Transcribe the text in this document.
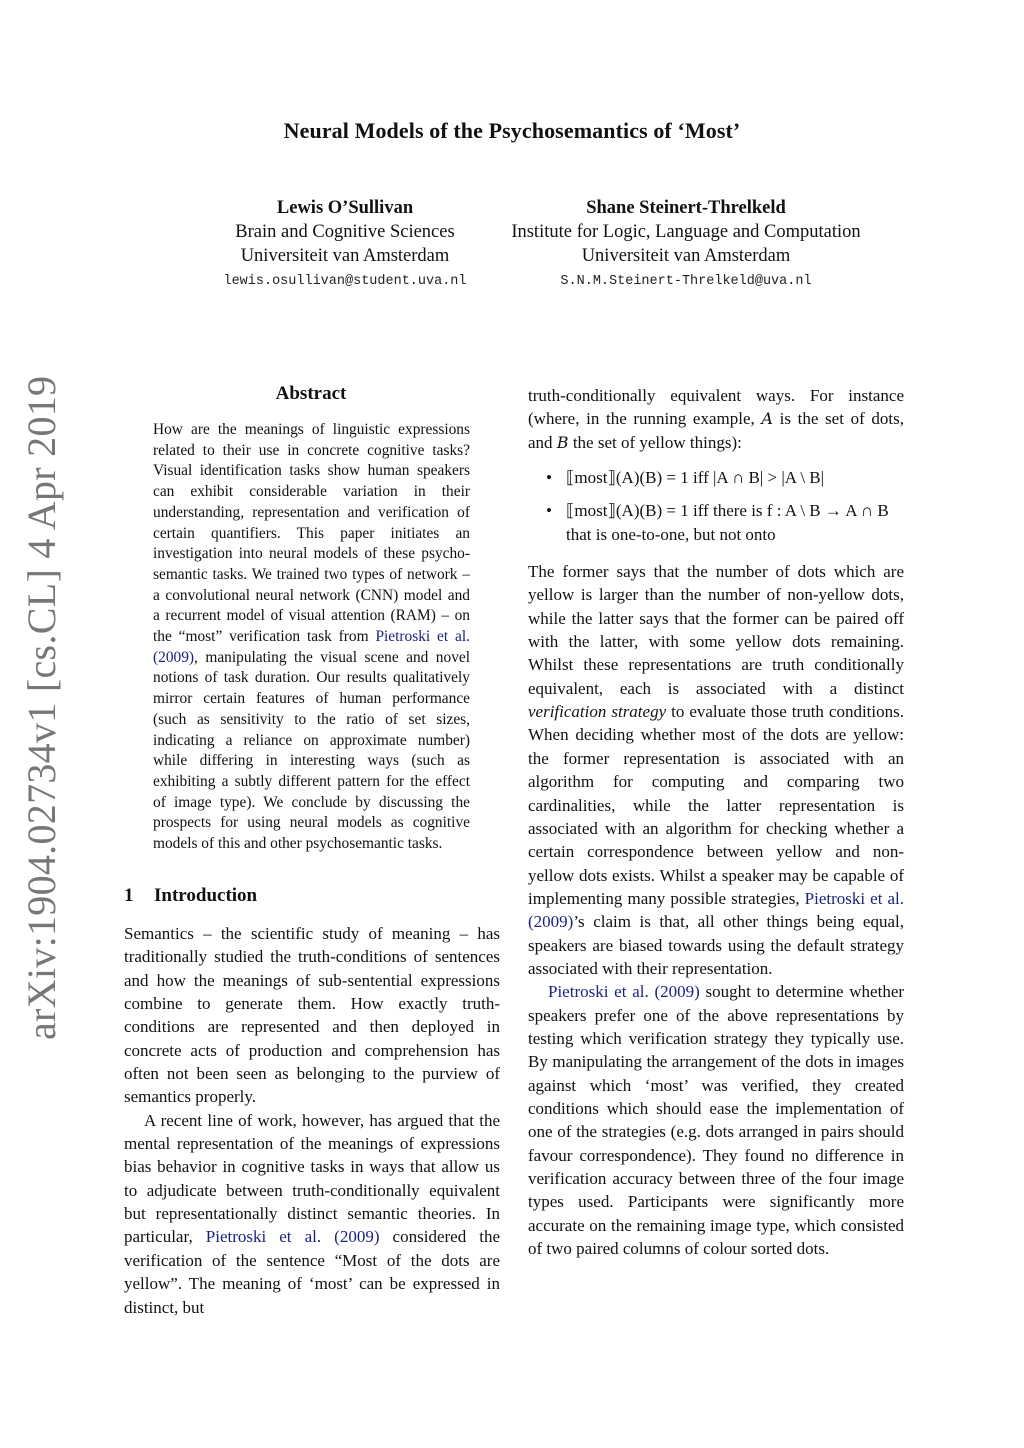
arXiv:1904.02734v1 [cs.CL] 4 Apr 2019
Neural Models of the Psychosemantics of ‘Most’
Lewis O’Sullivan
Brain and Cognitive Sciences
Universiteit van Amsterdam
lewis.osullivan@student.uva.nl
Shane Steinert-Threlkeld
Institute for Logic, Language and Computation
Universiteit van Amsterdam
S.N.M.Steinert-Threlkeld@uva.nl
Abstract
How are the meanings of linguistic expressions related to their use in concrete cognitive tasks? Visual identification tasks show human speakers can exhibit considerable variation in their understanding, representation and verification of certain quantifiers. This paper initiates an investigation into neural models of these psycho-semantic tasks. We trained two types of network – a convolutional neural network (CNN) model and a recurrent model of visual attention (RAM) – on the “most” verification task from Pietroski et al. (2009), manipulating the visual scene and novel notions of task duration. Our results qualitatively mirror certain features of human performance (such as sensitivity to the ratio of set sizes, indicating a reliance on approximate number) while differing in interesting ways (such as exhibiting a subtly different pattern for the effect of image type). We conclude by discussing the prospects for using neural models as cognitive models of this and other psychosemantic tasks.
1 Introduction

Semantics – the scientific study of meaning – has traditionally studied the truth-conditions of sentences and how the meanings of sub-sentential expressions combine to generate them. How exactly truth-conditions are represented and then deployed in concrete acts of production and comprehension has often not been seen as belonging to the purview of semantics properly.

A recent line of work, however, has argued that the mental representation of the meanings of expressions bias behavior in cognitive tasks in ways that allow us to adjudicate between truth-conditionally equivalent but representationally distinct semantic theories. In particular, Pietroski et al. (2009) considered the verification of the sentence “Most of the dots are yellow”. The meaning of ‘most’ can be expressed in distinct, but

truth-conditionally equivalent ways. For instance (where, in the running example, A is the set of dots, and B the set of yellow things):

• ⟦most⟧(A)(B) = 1 iff |A ∩ B| > |A \ B|
• ⟦most⟧(A)(B) = 1 iff there is f : A \ B → A ∩ B that is one-to-one, but not onto

The former says that the number of dots which are yellow is larger than the number of non-yellow dots, while the latter says that the former can be paired off with the latter, with some yellow dots remaining. Whilst these representations are truth conditionally equivalent, each is associated with a distinct verification strategy to evaluate those truth conditions. When deciding whether most of the dots are yellow: the former representation is associated with an algorithm for computing and comparing two cardinalities, while the latter representation is associated with an algorithm for checking whether a certain correspondence between yellow and non-yellow dots exists. Whilst a speaker may be capable of implementing many possible strategies, Pietroski et al. (2009)’s claim is that, all other things being equal, speakers are biased towards using the default strategy associated with their representation.

Pietroski et al. (2009) sought to determine whether speakers prefer one of the above representations by testing which verification strategy they typically use. By manipulating the arrangement of the dots in images against which ‘most’ was verified, they created conditions which should ease the implementation of one of the strategies (e.g. dots arranged in pairs should favour correspondence). They found no difference in verification accuracy between three of the four image types used. Participants were significantly more accurate on the remaining image type, which consisted of two paired columns of colour sorted dots.
